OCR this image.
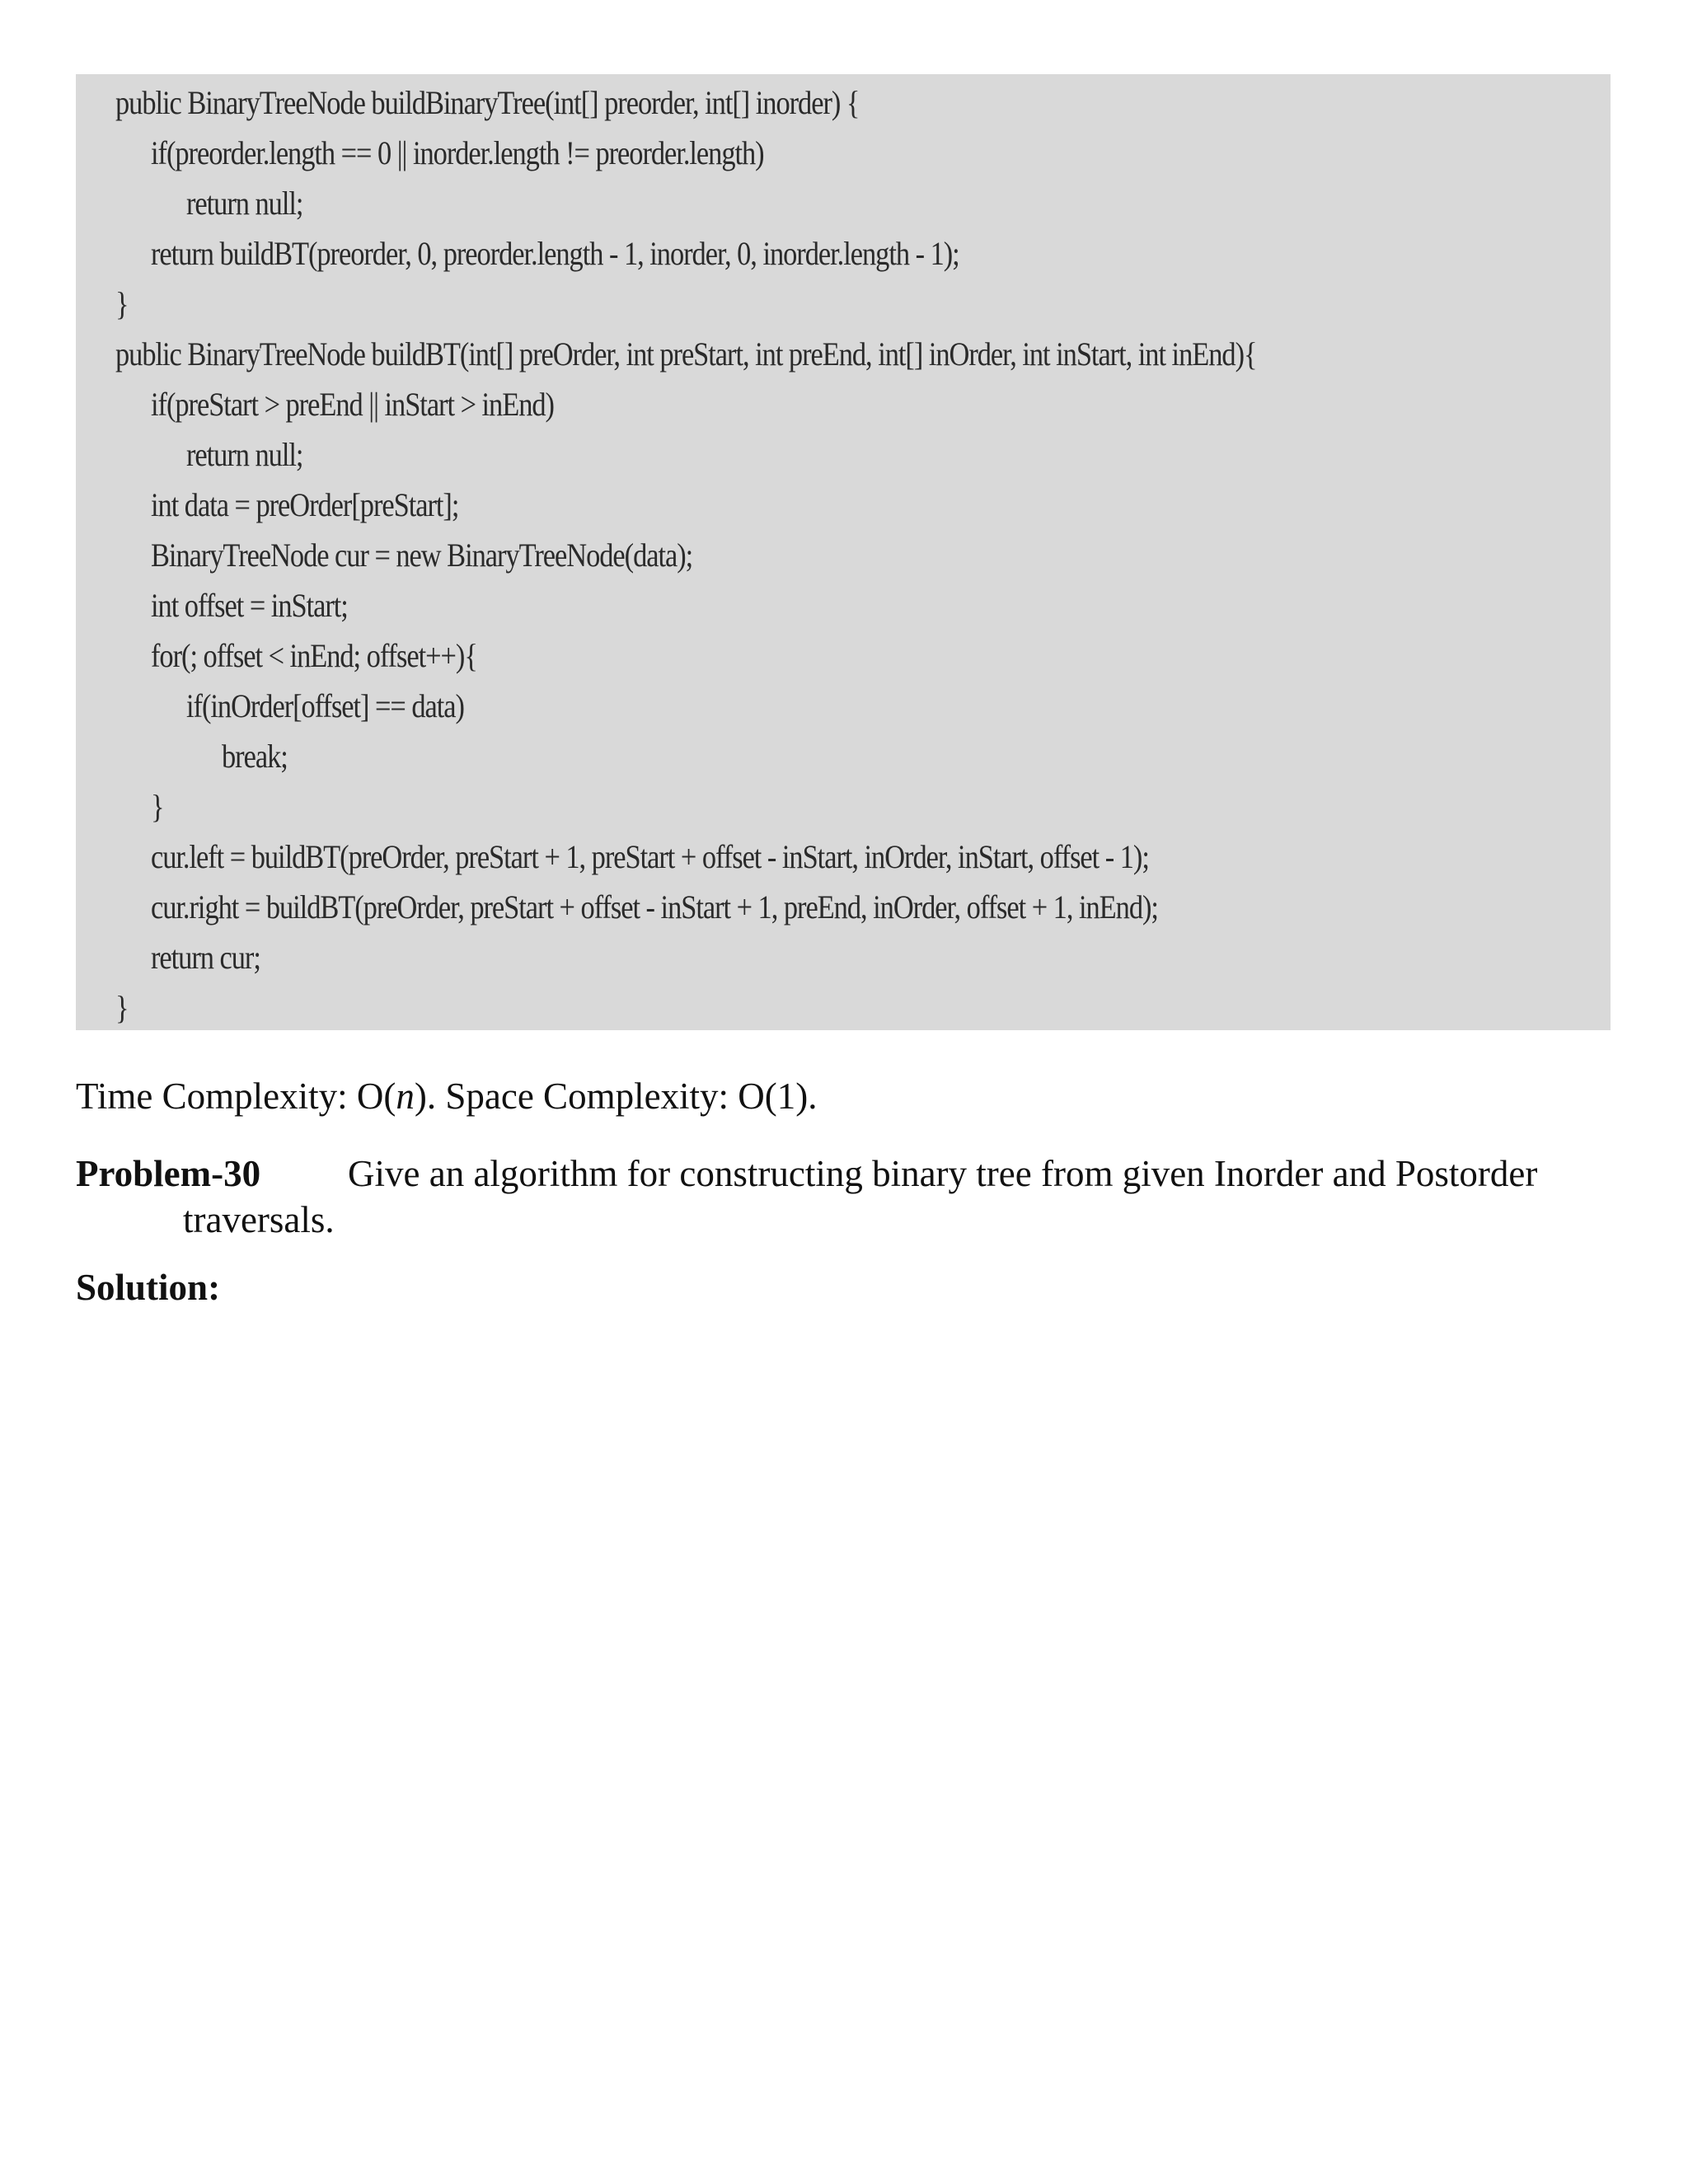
public BinaryTreeNode buildBinaryTree(int[] preorder, int[] inorder) {
if(preorder.length == 0 || inorder.length != preorder.length)
return null;
return buildBT(preorder, 0, preorder.length - 1, inorder, 0, inorder.length - 1);
}
public BinaryTreeNode buildBT(int[] preOrder, int preStart, int preEnd, int[] inOrder, int inStart, int inEnd){
if(preStart > preEnd || inStart > inEnd)
return null;
int data = preOrder[preStart];
BinaryTreeNode cur = new BinaryTreeNode(data);
int offset = inStart;
for(; offset < inEnd; offset++){
if(inOrder[offset] == data)
break;
}
cur.left = buildBT(preOrder, preStart + 1, preStart + offset - inStart, inOrder, inStart, offset - 1);
cur.right = buildBT(preOrder, preStart + offset - inStart + 1, preEnd, inOrder, offset + 1, inEnd);
return cur;
}
Time Complexity: O(n). Space Complexity: O(1).
Problem-30 Give an algorithm for constructing binary tree from given Inorder and Postorder
traversals.
Solution:
